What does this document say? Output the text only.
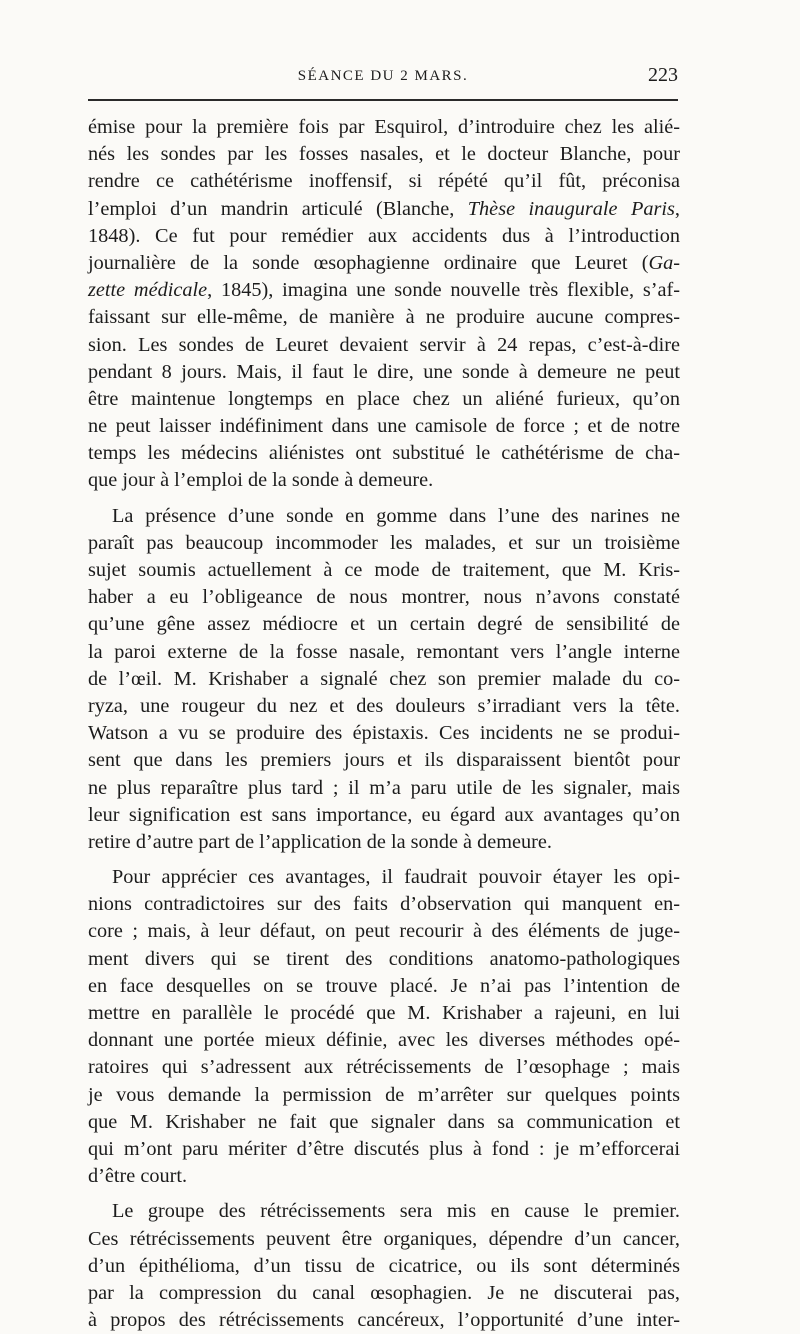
SÉANCE DU 2 MARS.	223
émise pour la première fois par Esquirol, d’introduire chez les alié-
nés les sondes par les fosses nasales, et le docteur Blanche, pour
rendre ce cathétérisme inoffensif, si répété qu’il fût, préconisa
l’emploi d’un mandrin articulé (Blanche, Thèse inaugurale Paris,
1848). Ce fut pour remédier aux accidents dus à l’introduction
journalière de la sonde œsophagienne ordinaire que Leuret (Ga-
zette médicale, 1845), imagina une sonde nouvelle très flexible, s’af-
faissant sur elle-même, de manière à ne produire aucune compres-
sion. Les sondes de Leuret devaient servir à 24 repas, c’est-à-dire
pendant 8 jours. Mais, il faut le dire, une sonde à demeure ne peut
être maintenue longtemps en place chez un aliéné furieux, qu’on
ne peut laisser indéfiniment dans une camisole de force ; et de notre
temps les médecins aliénistes ont substitué le cathétérisme de cha-
que jour à l’emploi de la sonde à demeure.
La présence d’une sonde en gomme dans l’une des narines ne
paraît pas beaucoup incommoder les malades, et sur un troisième
sujet soumis actuellement à ce mode de traitement, que M. Kris-
haber a eu l’obligeance de nous montrer, nous n’avons constaté
qu’une gêne assez médiocre et un certain degré de sensibilité de
la paroi externe de la fosse nasale, remontant vers l’angle interne
de l’œil. M. Krishaber a signalé chez son premier malade du co-
ryza, une rougeur du nez et des douleurs s’irradiant vers la tête.
Watson a vu se produire des épistaxis. Ces incidents ne se produi-
sent que dans les premiers jours et ils disparaissent bientôt pour
ne plus reparaître plus tard ; il m’a paru utile de les signaler, mais
leur signification est sans importance, eu égard aux avantages qu’on
retire d’autre part de l’application de la sonde à demeure.
Pour apprécier ces avantages, il faudrait pouvoir étayer les opi-
nions contradictoires sur des faits d’observation qui manquent en-
core ; mais, à leur défaut, on peut recourir à des éléments de juge-
ment divers qui se tirent des conditions anatomo-pathologiques
en face desquelles on se trouve placé. Je n’ai pas l’intention de
mettre en parallèle le procédé que M. Krishaber a rajeuni, en lui
donnant une portée mieux définie, avec les diverses méthodes opé-
ratoires qui s’adressent aux rétrécissements de l’œsophage ; mais
je vous demande la permission de m’arrêter sur quelques points
que M. Krishaber ne fait que signaler dans sa communication et
qui m’ont paru mériter d’être discutés plus à fond : je m’efforcerai
d’être court.
Le groupe des rétrécissements sera mis en cause le premier.
Ces rétrécissements peuvent être organiques, dépendre d’un cancer,
d’un épithélioma, d’un tissu de cicatrice, ou ils sont déterminés
par la compression du canal œsophagien. Je ne discuterai pas,
à propos des rétrécissements cancéreux, l’opportunité d’une inter-
